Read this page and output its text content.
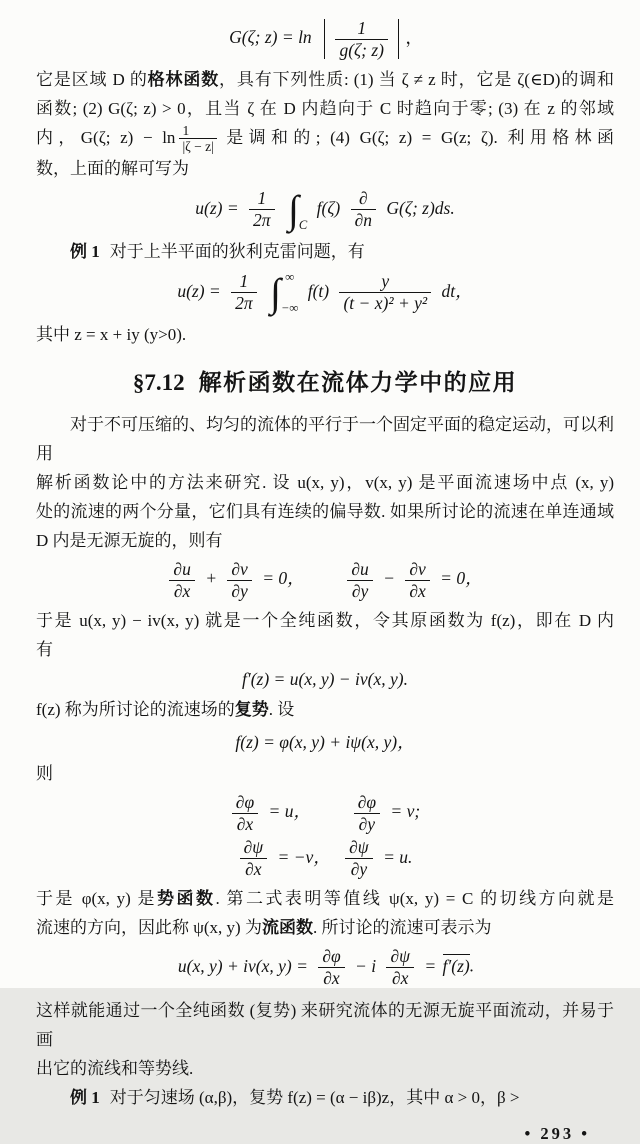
G(ζ; $z) = \ln \frac{1}{g(\zeta; z)}$ ，
它是区域 D 的格林函数，具有下列性质: (1) 当 ζ ≠ z 时，它是 ζ(∈D)的调和
函数; (2) G(ζ; z) > 0，且当 ζ 在 D 内趋向于 C 时趋向于零; (3) 在 z 的邻域
内，G(ζ; $z) - \ln \frac{1}{|\zeta - z|}$ 是调和的; (4) G(ζ; z) = G(z; ζ). 利用格林函
数，上面的解可写为
$u(z) = \frac{1}{2\pi}$
∫ C
$f(\zeta) \frac{\partial}{\partial n} G(\zeta$; z)ds.
例 1 对于上半平面的狄利克雷问题，有
$u(z) = \frac{1}{2\pi}$
∫ ∞
−∞
$f(t) \frac{y}{\text{(t − x)² + y²}}$ dt，
其中 z = x + iy (y>0).
§7.12 解析函数在流体力学中的应用
对于不可压缩的、均匀的流体的平行于一个固定平面的稳定运动，可以利用
解析函数论中的方法来研究. 设 u(x, y)，v(x, y) 是平面流速场中点 (x, y)
处的流速的两个分量，它们具有连续的偏导数. 如果所讨论的流速在单连通域
D 内是无源无旋的，则有
$\frac{\partial u}{\partial x} + \frac{\partial v}{\partial y} = 0$， $\frac{\partial u}{\partial y} - \frac{\partial v}{\partial x} = 0$，
于是 u(x, y) − iv(x, y) 就是一个全纯函数，令其原函数为 f(z)，即在 D 内
有
f′(z) = u(x, y) − iv(x, y).
f(z) 称为所讨论的流速场的复势. 设
f(z) = φ(x, y) + iψ(x, y)，
则
$\frac{\partial\varphi}{\partial x} = u$， $\frac{\partial\varphi}{\partial y} = v$;
$\frac{\partial\psi}{\partial x} = -v$， $\frac{\partial\psi}{\partial y} = u$.
于是 φ(x, y) 是势函数. 第二式表明等值线 ψ(x, y) = C 的切线方向就是
流速的方向，因此称 ψ(x, y) 为流函数. 所讨论的流速可表示为
u(x, y) + iv(x, $y) = \frac{\partial\varphi}{\partial x} - i \frac{\partial\psi}{\partial x} = f'(z)$.
这样就能通过一个全纯函数 (复势) 来研究流体的无源无旋平面流动，并易于画
出它的流线和等势线.
例 1 对于匀速场 (α,β)，复势 f(z) = (α − iβ)z，其中 α > 0，β >
• 293 •
